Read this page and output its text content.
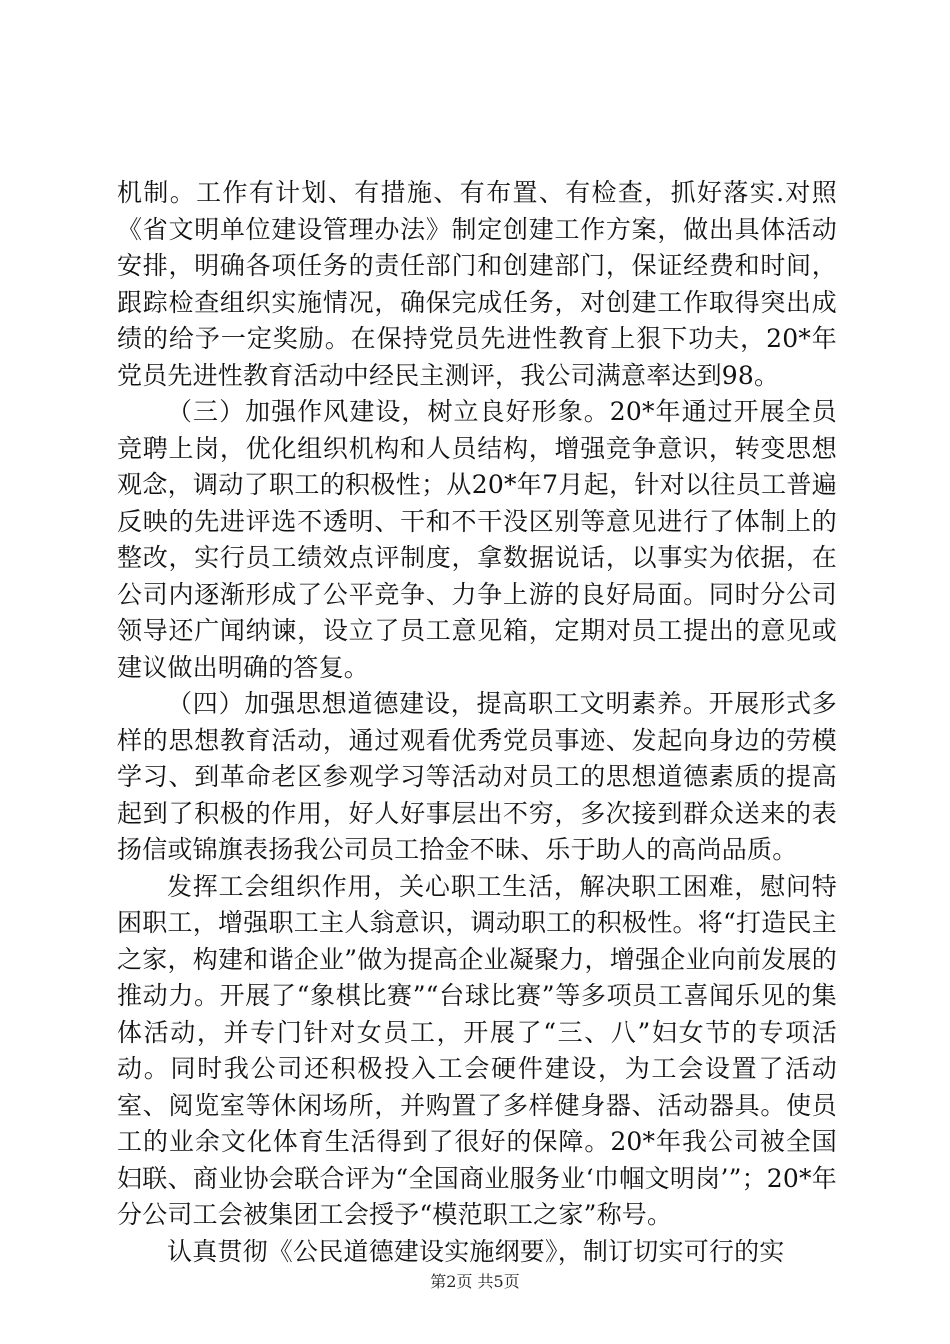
机制。工作有计划、有措施、有布置、有检查，抓好落实.对照《省文明单位建设管理办法》制定创建工作方案，做出具体活动安排，明确各项任务的责任部门和创建部门，保证经费和时间，跟踪检查组织实施情况，确保完成任务，对创建工作取得突出成绩的给予一定奖励。在保持党员先进性教育上狠下功夫，20*年党员先进性教育活动中经民主测评，我公司满意率达到98。

（三）加强作风建设，树立良好形象。20*年通过开展全员竞聘上岗，优化组织机构和人员结构，增强竞争意识，转变思想观念，调动了职工的积极性；从20*年7月起，针对以往员工普遍反映的先进评选不透明、干和不干没区别等意见进行了体制上的整改，实行员工绩效点评制度，拿数据说话，以事实为依据，在公司内逐渐形成了公平竞争、力争上游的良好局面。同时分公司领导还广闻纳谏，设立了员工意见箱，定期对员工提出的意见或建议做出明确的答复。

（四）加强思想道德建设，提高职工文明素养。开展形式多样的思想教育活动，通过观看优秀党员事迹、发起向身边的劳模学习、到革命老区参观学习等活动对员工的思想道德素质的提高起到了积极的作用，好人好事层出不穷，多次接到群众送来的表扬信或锦旗表扬我公司员工拾金不昧、乐于助人的高尚品质。

发挥工会组织作用，关心职工生活，解决职工困难，慰问特困职工，增强职工主人翁意识，调动职工的积极性。将“打造民主之家，构建和谐企业”做为提高企业凝聚力，增强企业向前发展的推动力。开展了“象棋比赛”“台球比赛”等多项员工喜闻乐见的集体活动，并专门针对女员工，开展了“三、八”妇女节的专项活动。同时我公司还积极投入工会硬件建设，为工会设置了活动室、阅览室等休闲场所，并购置了多样健身器、活动器具。使员工的业余文化体育生活得到了很好的保障。20*年我公司被全国妇联、商业协会联合评为“全国商业服务业‘巾帼文明岗’”；20*年分公司工会被集团工会授予“模范职工之家”称号。

认真贯彻《公民道德建设实施纲要》，制订切实可行的实

第2页 共5页
